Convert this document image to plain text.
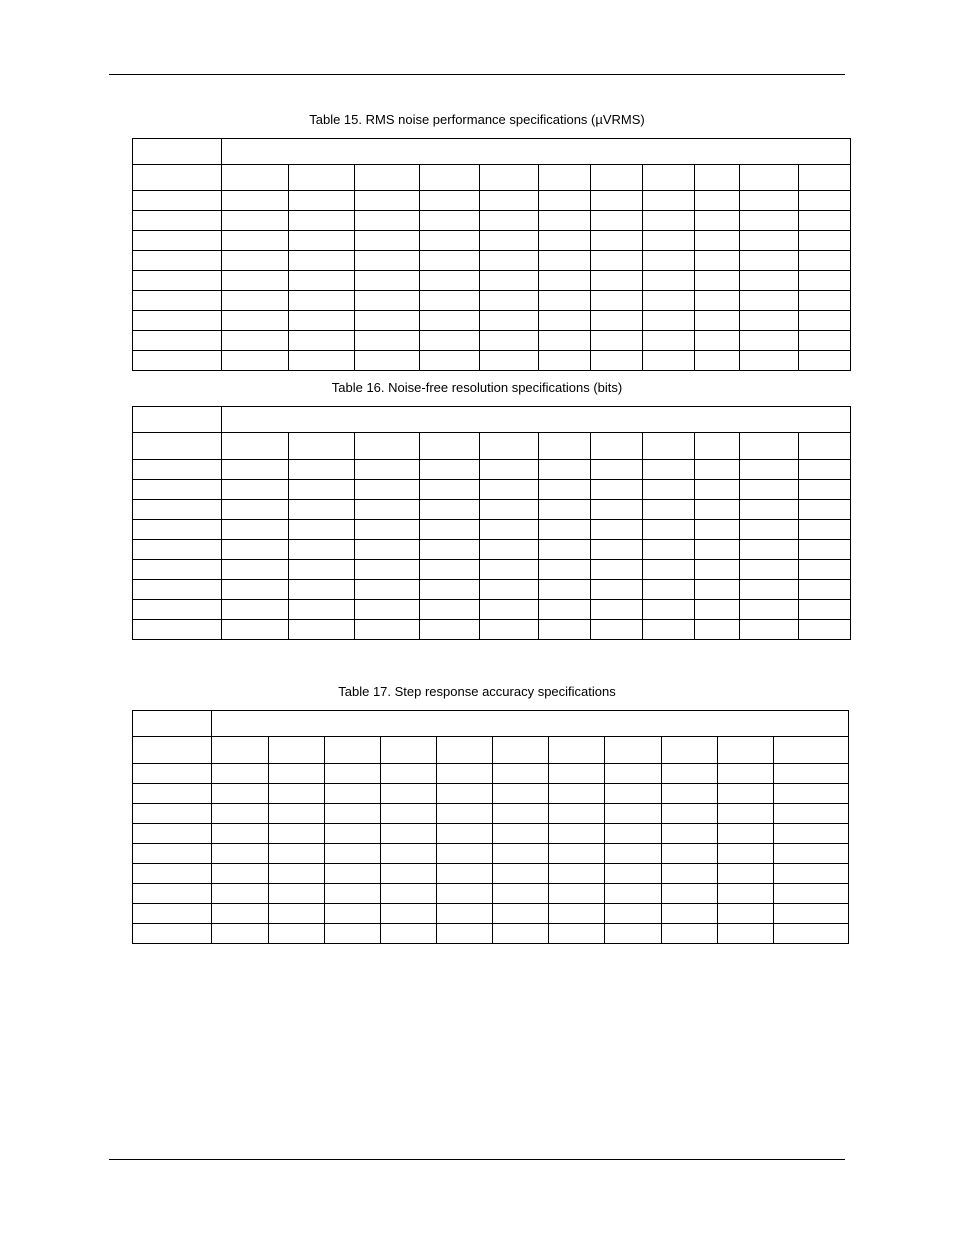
Table 15. RMS noise performance specifications (µVRMS)

Table 16. Noise-free resolution specifications (bits)

Table 17. Step response accuracy specifications
